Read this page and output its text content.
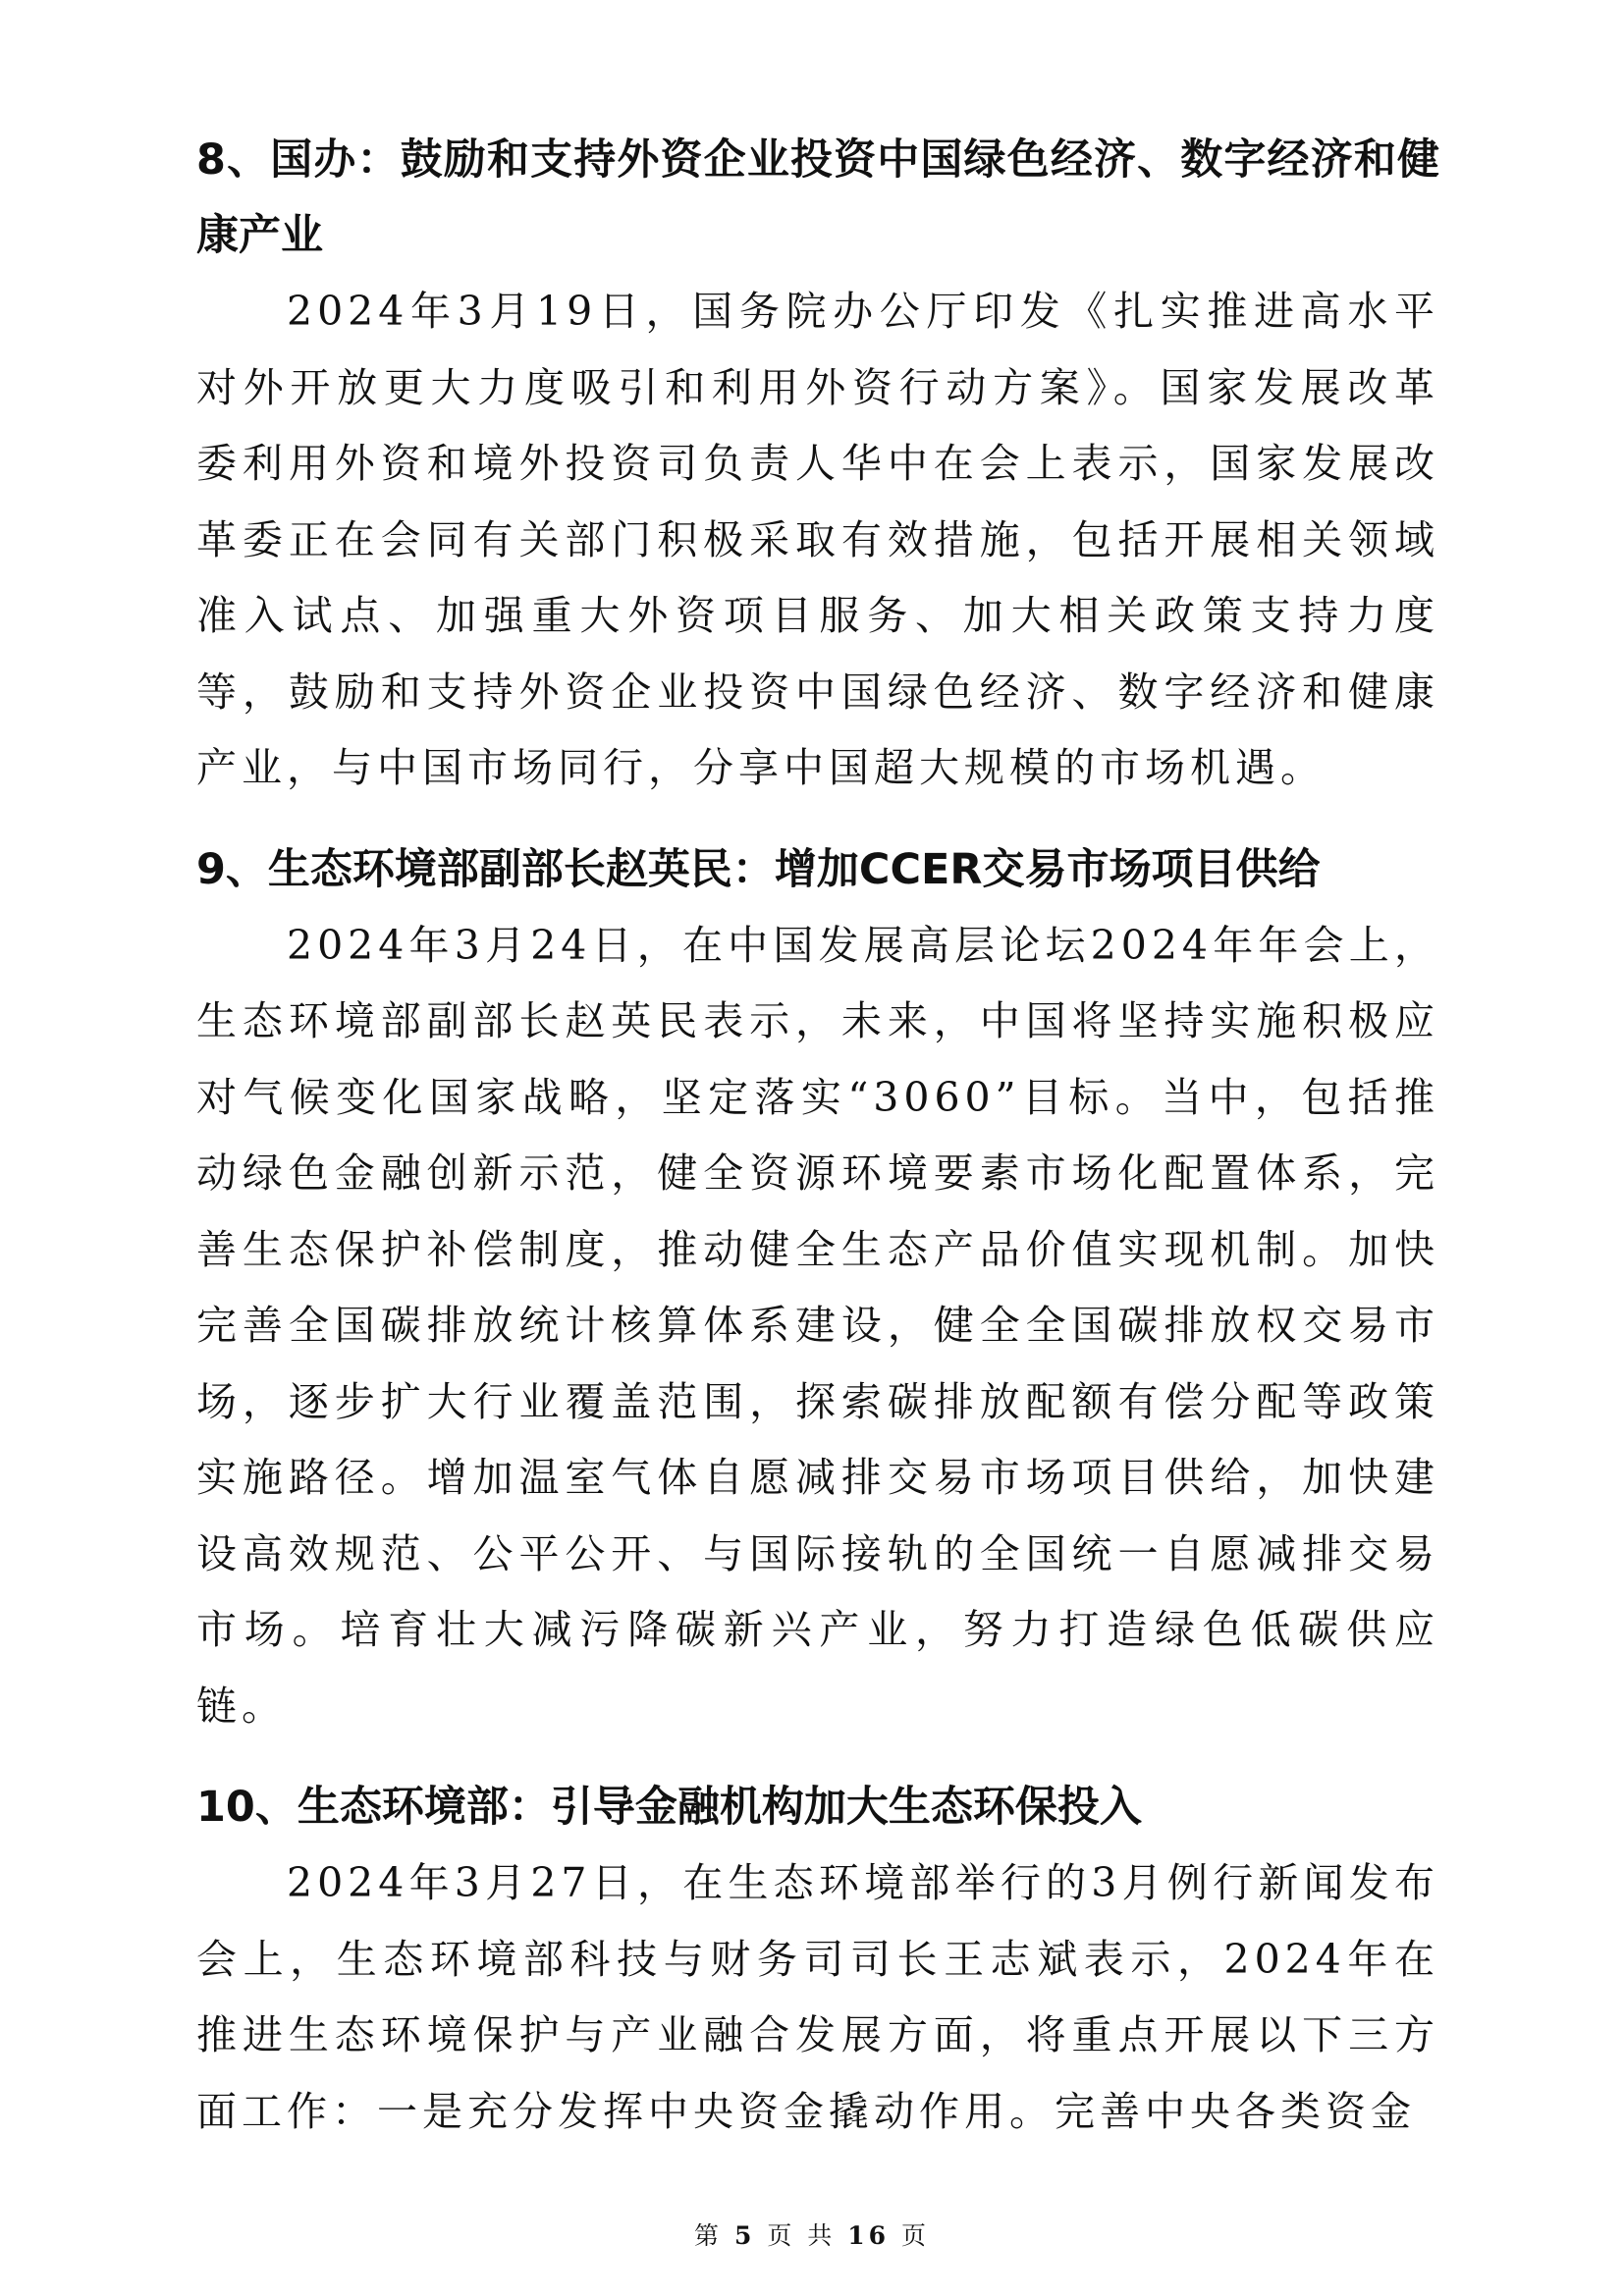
8、国办：鼓励和支持外资企业投资中国绿色经济、数字经济和健康产业

2024年3月19日，国务院办公厅印发《扎实推进高水平对外开放更大力度吸引和利用外资行动方案》。国家发展改革委利用外资和境外投资司负责人华中在会上表示，国家发展改革委正在会同有关部门积极采取有效措施，包括开展相关领域准入试点、加强重大外资项目服务、加大相关政策支持力度等，鼓励和支持外资企业投资中国绿色经济、数字经济和健康产业，与中国市场同行，分享中国超大规模的市场机遇。

9、生态环境部副部长赵英民：增加CCER交易市场项目供给

2024年3月24日，在中国发展高层论坛2024年年会上，生态环境部副部长赵英民表示，未来，中国将坚持实施积极应对气候变化国家战略，坚定落实“3060”目标。当中，包括推动绿色金融创新示范，健全资源环境要素市场化配置体系，完善生态保护补偿制度，推动健全生态产品价值实现机制。加快完善全国碳排放统计核算体系建设，健全全国碳排放权交易市场，逐步扩大行业覆盖范围，探索碳排放配额有偿分配等政策实施路径。增加温室气体自愿减排交易市场项目供给，加快建设高效规范、公平公开、与国际接轨的全国统一自愿减排交易市场。培育壮大减污降碳新兴产业，努力打造绿色低碳供应链。

10、生态环境部：引导金融机构加大生态环保投入

2024年3月27日，在生态环境部举行的3月例行新闻发布会上，生态环境部科技与财务司司长王志斌表示，2024年在推进生态环境保护与产业融合发展方面，将重点开展以下三方面工作：一是充分发挥中央资金撬动作用。完善中央各类资金

第 5 页 共 16 页
